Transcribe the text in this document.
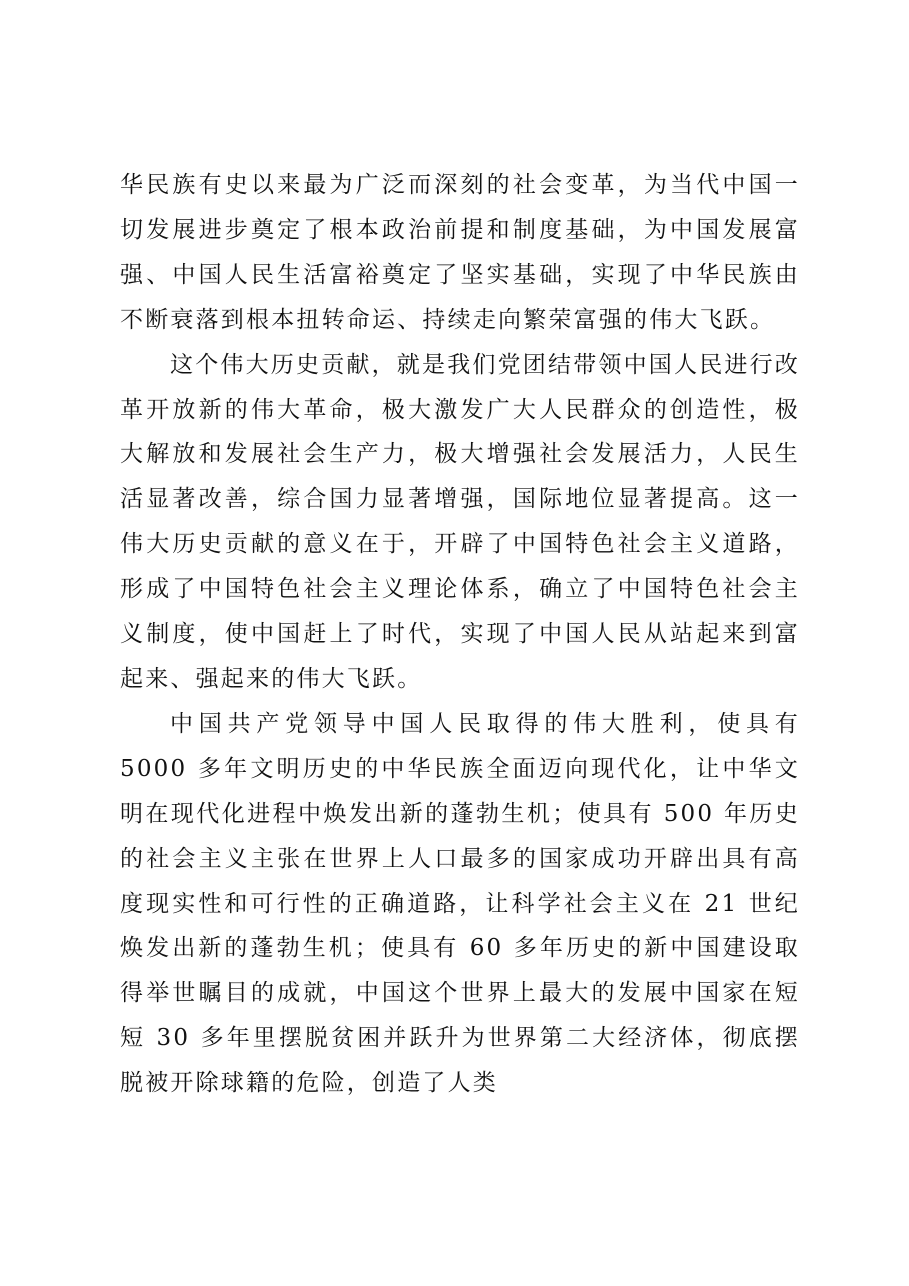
华民族有史以来最为广泛而深刻的社会变革，为当代中国一切发展进步奠定了根本政治前提和制度基础，为中国发展富强、中国人民生活富裕奠定了坚实基础，实现了中华民族由不断衰落到根本扭转命运、持续走向繁荣富强的伟大飞跃。

这个伟大历史贡献，就是我们党团结带领中国人民进行改革开放新的伟大革命，极大激发广大人民群众的创造性，极大解放和发展社会生产力，极大增强社会发展活力，人民生活显著改善，综合国力显著增强，国际地位显著提高。这一伟大历史贡献的意义在于，开辟了中国特色社会主义道路，形成了中国特色社会主义理论体系，确立了中国特色社会主义制度，使中国赶上了时代，实现了中国人民从站起来到富起来、强起来的伟大飞跃。

中国共产党领导中国人民取得的伟大胜利，使具有 5000 多年文明历史的中华民族全面迈向现代化，让中华文明在现代化进程中焕发出新的蓬勃生机；使具有 500 年历史的社会主义主张在世界上人口最多的国家成功开辟出具有高度现实性和可行性的正确道路，让科学社会主义在 21 世纪焕发出新的蓬勃生机；使具有 60 多年历史的新中国建设取得举世瞩目的成就，中国这个世界上最大的发展中国家在短短 30 多年里摆脱贫困并跃升为世界第二大经济体，彻底摆脱被开除球籍的危险，创造了人类
